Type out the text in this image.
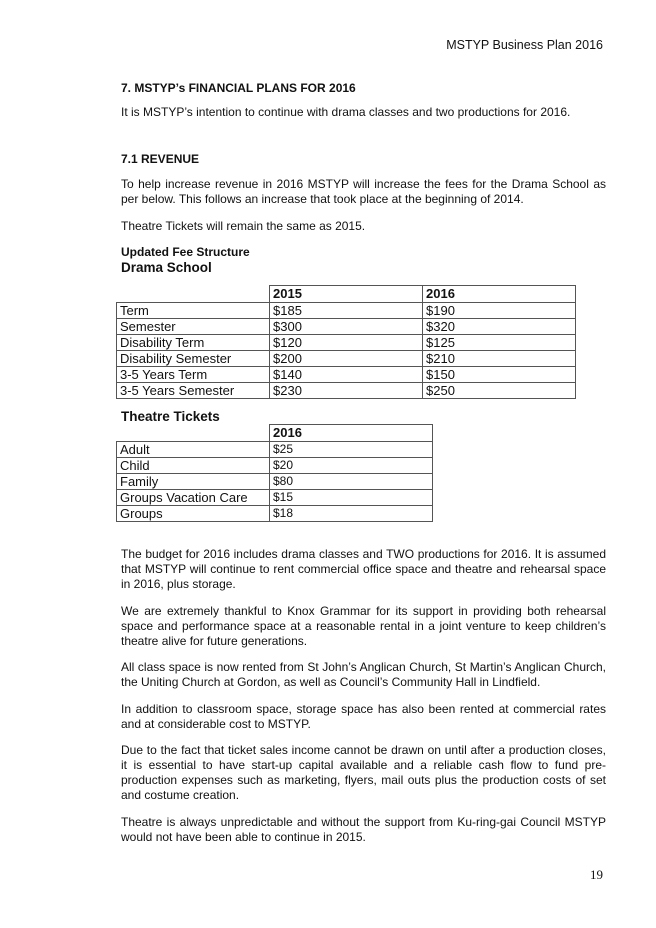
MSTYP Business Plan 2016
7. MSTYP’s FINANCIAL PLANS FOR 2016
It is MSTYP’s intention to continue with drama classes and two productions for 2016.
7.1 REVENUE
To help increase revenue in 2016 MSTYP will increase the fees for the Drama School as per below. This follows an increase that took place at the beginning of 2014.
Theatre Tickets will remain the same as 2015.
Updated Fee Structure
Drama School
	2015	2016
Term	$185	$190
Semester	$300	$320
Disability Term	$120	$125
Disability Semester	$200	$210
3-5 Years Term	$140	$150
3-5 Years Semester	$230	$250
Theatre Tickets
	2016
Adult	$25
Child	$20
Family	$80
Groups Vacation Care	$15
Groups	$18
The budget for 2016 includes drama classes and TWO productions for 2016. It is assumed that MSTYP will continue to rent commercial office space and theatre and rehearsal space in 2016, plus storage.
We are extremely thankful to Knox Grammar for its support in providing both rehearsal space and performance space at a reasonable rental in a joint venture to keep children’s theatre alive for future generations.
All class space is now rented from St John’s Anglican Church, St Martin’s Anglican Church, the Uniting Church at Gordon, as well as Council’s Community Hall in Lindfield.
In addition to classroom space, storage space has also been rented at commercial rates and at considerable cost to MSTYP.
Due to the fact that ticket sales income cannot be drawn on until after a production closes, it is essential to have start-up capital available and a reliable cash flow to fund pre-production expenses such as marketing, flyers, mail outs plus the production costs of set and costume creation.
Theatre is always unpredictable and without the support from Ku-ring-gai Council MSTYP would not have been able to continue in 2015.
19
